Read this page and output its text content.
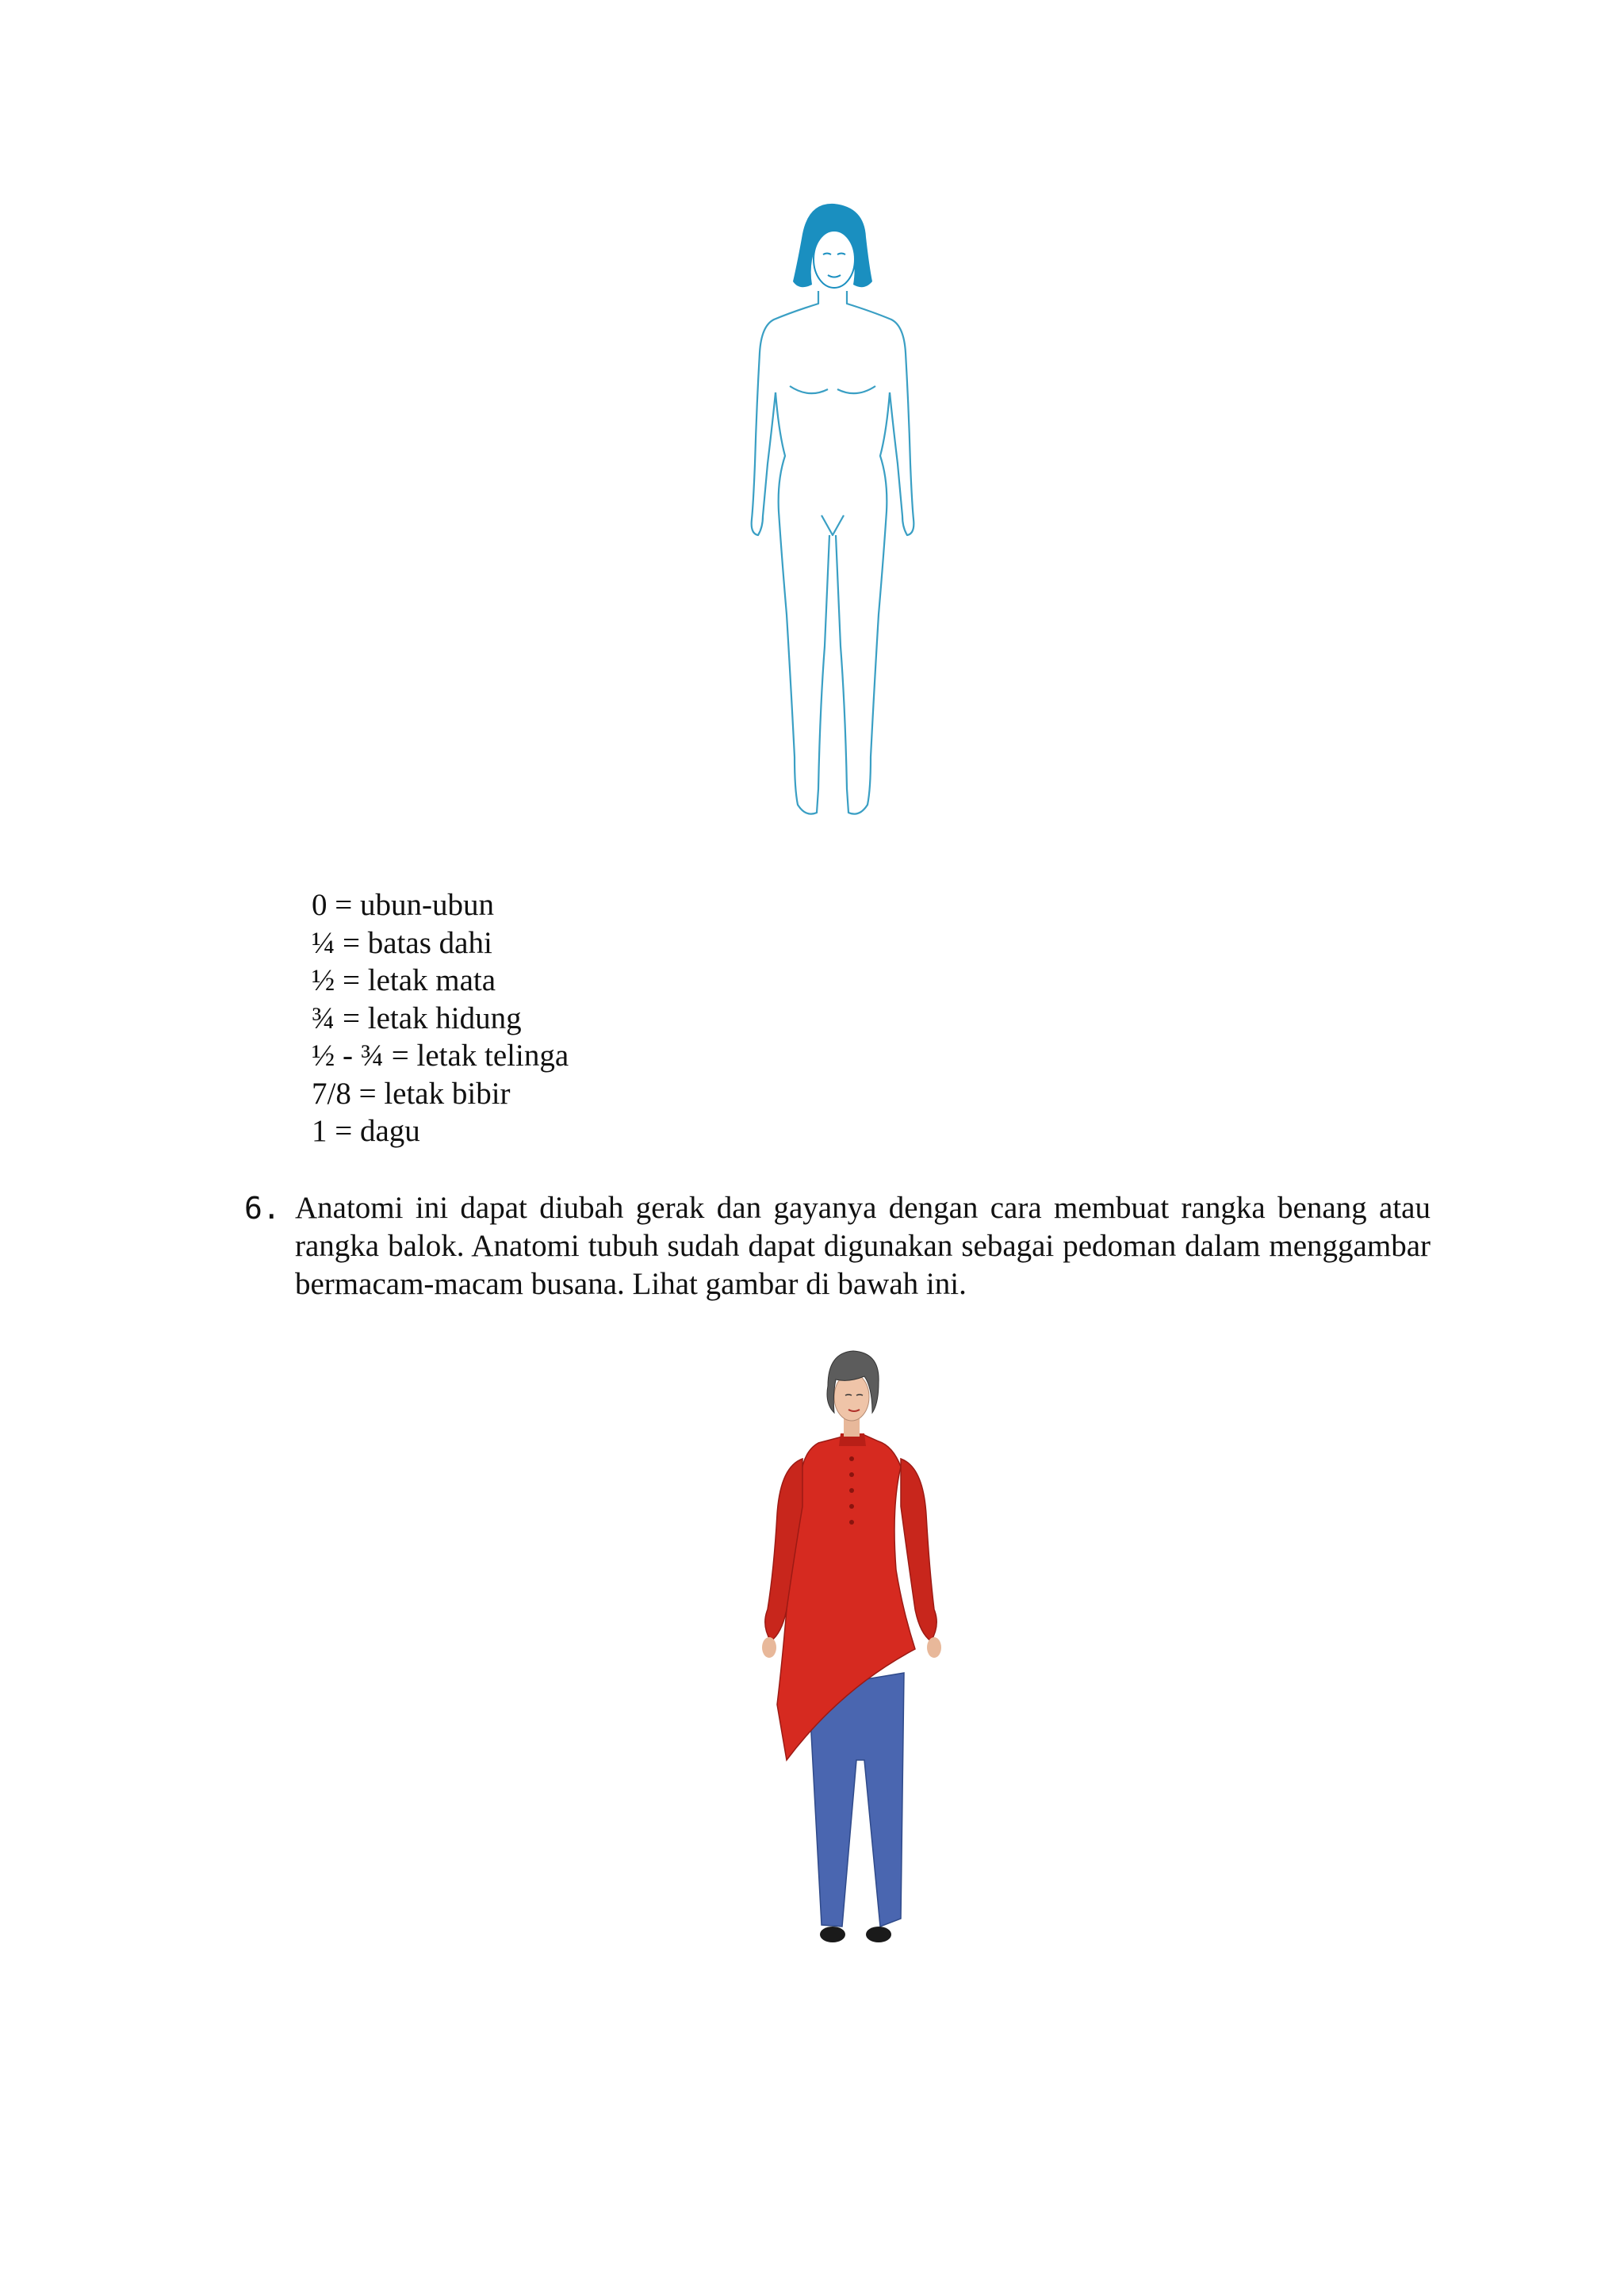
0 = ubun-ubun
¼ = batas dahi
½ = letak mata
¾ = letak hidung
½ - ¾ = letak telinga
7/8 = letak bibir
1 = dagu
6. Anatomi ini dapat diubah gerak dan gayanya dengan cara membuat rangka benang atau rangka balok. Anatomi tubuh sudah dapat digunakan sebagai pedoman dalam menggambar bermacam-macam busana. Lihat gambar di bawah ini.
